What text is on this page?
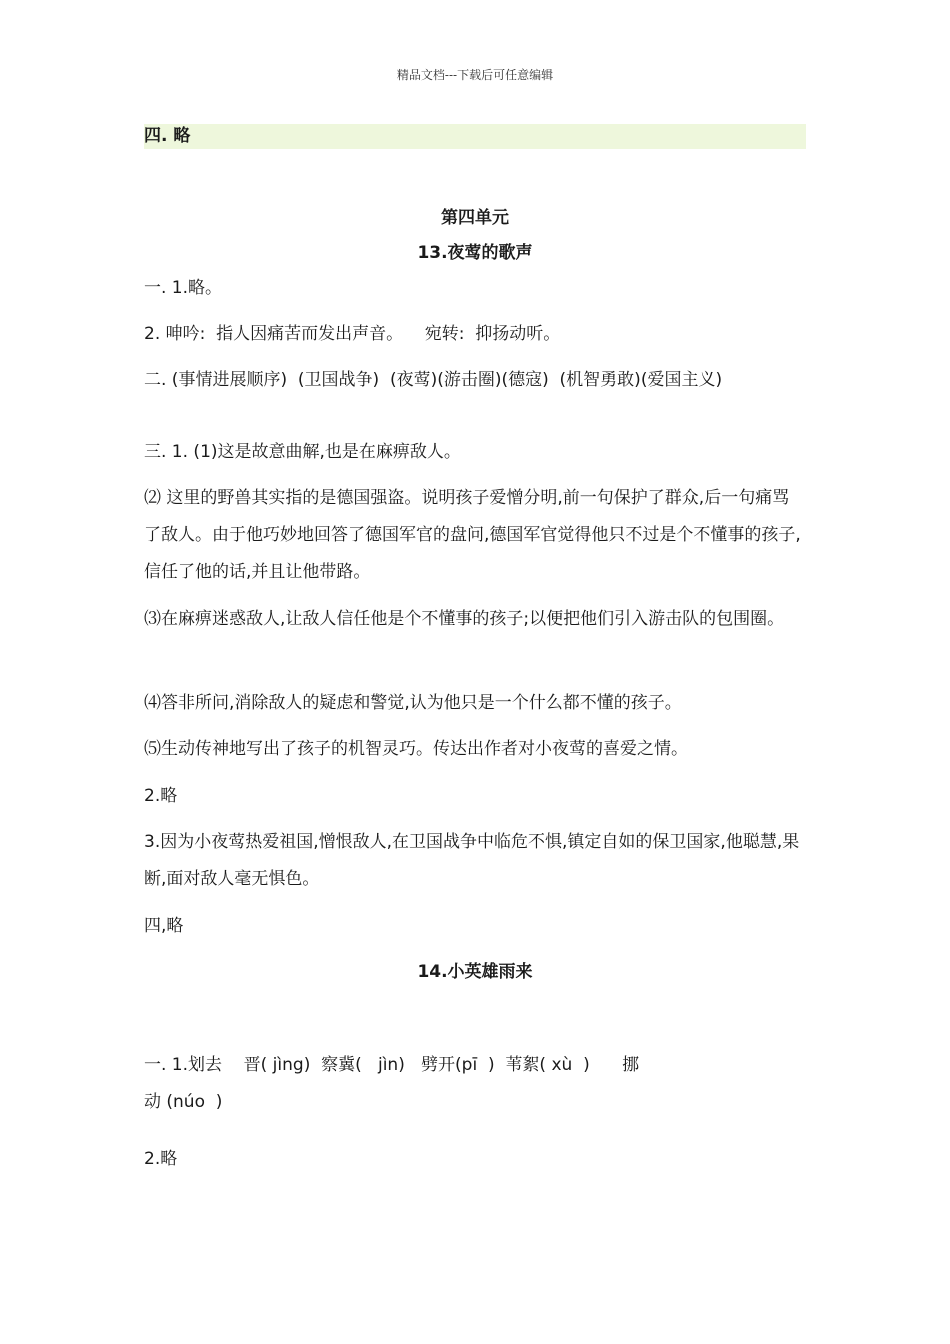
精品文档---下载后可任意编辑
四. 略
第四单元
13.夜莺的歌声
一. 1.略。
2. 呻吟:  指人因痛苦而发出声音。    宛转:  抑扬动听。
二. (事情进展顺序)  (卫国战争)  (夜莺)(游击圈)(德寇)  (机智勇敢)(爱国主义)
三. 1. (1)这是故意曲解,也是在麻痹敌人。
⑵ 这里的野兽其实指的是德国强盗。说明孩子爱憎分明,前一句保护了群众,后一句痛骂了敌人。由于他巧妙地回答了德国军官的盘问,德国军官觉得他只不过是个不懂事的孩子,信任了他的话,并且让他带路。
⑶在麻痹迷惑敌人,让敌人信任他是个不懂事的孩子;以便把他们引入游击队的包围圈。
⑷答非所问,消除敌人的疑虑和警觉,认为他只是一个什么都不懂的孩子。
⑸生动传神地写出了孩子的机智灵巧。传达出作者对小夜莺的喜爱之情。
2.略
3.因为小夜莺热爱祖国,憎恨敌人,在卫国战争中临危不惧,镇定自如的保卫国家,他聪慧,果断,面对敌人毫无惧色。
四,略
14.小英雄雨来
一. 1.划去    晋( jìng)  察冀(   jìn)   劈开(pī  )  苇絮( xù  )      挪
动 (núo  )
2.略
